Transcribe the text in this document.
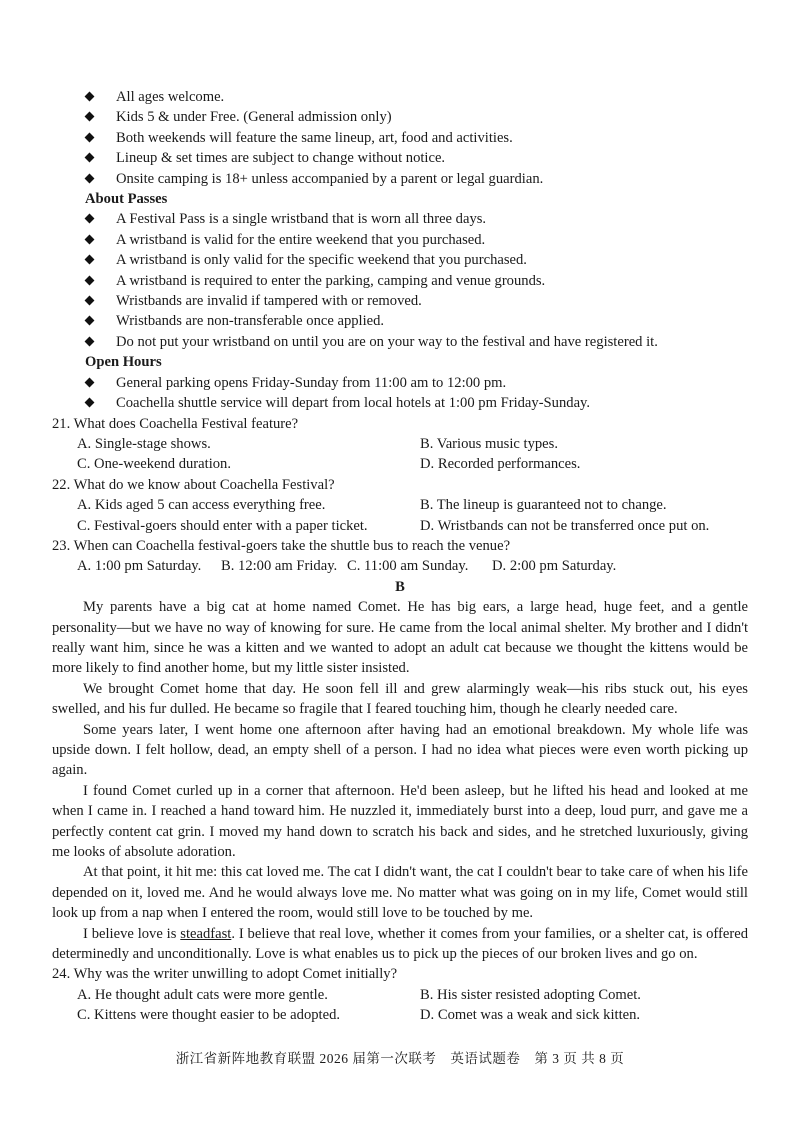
All ages welcome.
Kids 5 & under Free. (General admission only)
Both weekends will feature the same lineup, art, food and activities.
Lineup & set times are subject to change without notice.
Onsite camping is 18+ unless accompanied by a parent or legal guardian.
About Passes
A Festival Pass is a single wristband that is worn all three days.
A wristband is valid for the entire weekend that you purchased.
A wristband is only valid for the specific weekend that you purchased.
A wristband is required to enter the parking, camping and venue grounds.
Wristbands are invalid if tampered with or removed.
Wristbands are non-transferable once applied.
Do not put your wristband on until you are on your way to the festival and have registered it.
Open Hours
General parking opens Friday-Sunday from 11:00 am to 12:00 pm.
Coachella shuttle service will depart from local hotels at 1:00 pm Friday-Sunday.
21. What does Coachella Festival feature?
A. Single-stage shows.	B. Various music types.
C. One-weekend duration.	D. Recorded performances.
22. What do we know about Coachella Festival?
A. Kids aged 5 can access everything free.	B. The lineup is guaranteed not to change.
C. Festival-goers should enter with a paper ticket.	D. Wristbands can not be transferred once put on.
23. When can Coachella festival-goers take the shuttle bus to reach the venue?
A. 1:00 pm Saturday.	B. 12:00 am Friday. C. 11:00 am Sunday.	D. 2:00 pm Saturday.
B

My parents have a big cat at home named Comet. He has big ears, a large head, huge feet, and a gentle personality—but we have no way of knowing for sure. He came from the local animal shelter. My brother and I didn't really want him, since he was a kitten and we wanted to adopt an adult cat because we thought the kittens would be more likely to find another home, but my little sister insisted.

We brought Comet home that day. He soon fell ill and grew alarmingly weak—his ribs stuck out, his eyes swelled, and his fur dulled. He became so fragile that I feared touching him, though he clearly needed care.

Some years later, I went home one afternoon after having had an emotional breakdown. My whole life was upside down. I felt hollow, dead, an empty shell of a person. I had no idea what pieces were even worth picking up again.

I found Comet curled up in a corner that afternoon. He'd been asleep, but he lifted his head and looked at me when I came in. I reached a hand toward him. He nuzzled it, immediately burst into a deep, loud purr, and gave me a perfectly content cat grin. I moved my hand down to scratch his back and sides, and he stretched luxuriously, giving me looks of absolute adoration.

At that point, it hit me: this cat loved me. The cat I didn't want, the cat I couldn't bear to take care of when his life depended on it, loved me. And he would always love me. No matter what was going on in my life, Comet would still look up from a nap when I entered the room, would still love to be touched by me.

I believe love is steadfast. I believe that real love, whether it comes from your families, or a shelter cat, is offered determinedly and unconditionally. Love is what enables us to pick up the pieces of our broken lives and go on.

24. Why was the writer unwilling to adopt Comet initially?
A. He thought adult cats were more gentle.	B. His sister resisted adopting Comet.
C. Kittens were thought easier to be adopted.	D. Comet was a weak and sick kitten.
浙江省新阵地教育联盟 2026 届第一次联考　英语试题卷　第 3 页 共 8 页
